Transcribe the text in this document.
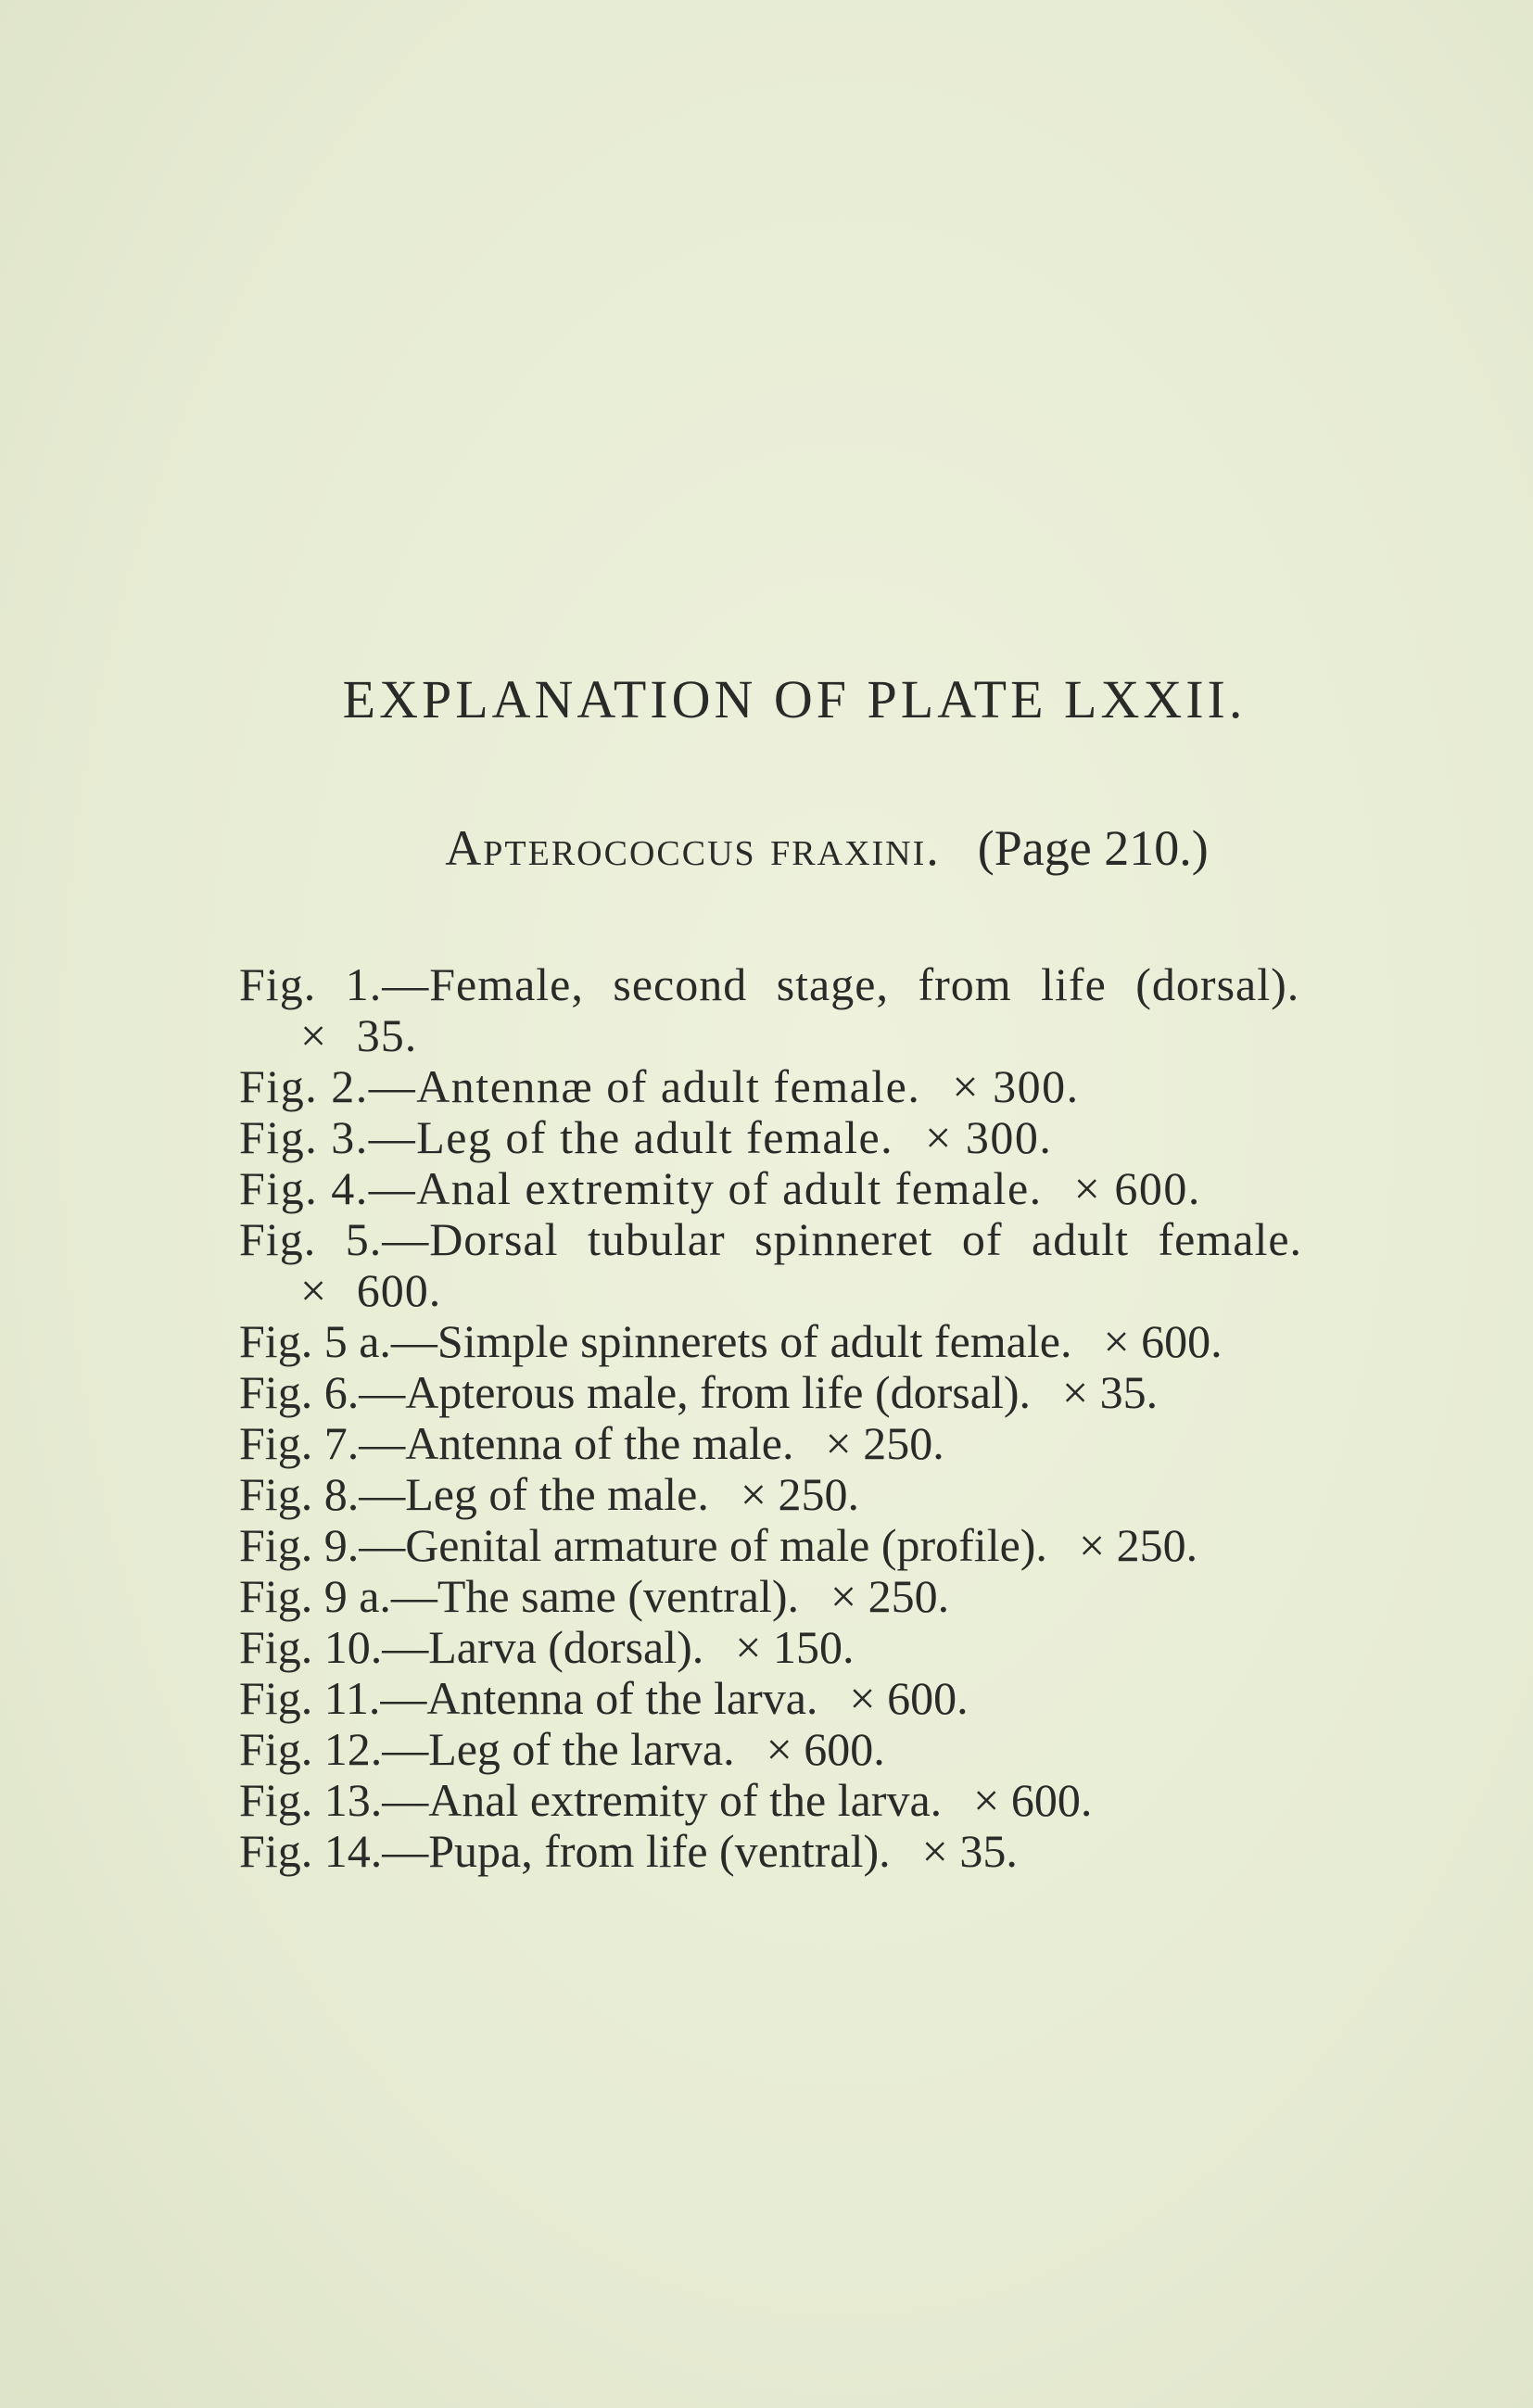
EXPLANATION OF PLATE LXXII.
Apterococcus fraxini. (Page 210.)
Fig. 1.—Female, second stage, from life (dorsal).
× 35.
Fig. 2.—Antennæ of adult female. × 300.
Fig. 3.—Leg of the adult female. × 300.
Fig. 4.—Anal extremity of adult female. × 600.
Fig. 5.—Dorsal tubular spinneret of adult female.
× 600.
Fig. 5 a.—Simple spinnerets of adult female. × 600.
Fig. 6.—Apterous male, from life (dorsal). × 35.
Fig. 7.—Antenna of the male. × 250.
Fig. 8.—Leg of the male. × 250.
Fig. 9.—Genital armature of male (profile). × 250.
Fig. 9 a.—The same (ventral). × 250.
Fig. 10.—Larva (dorsal). × 150.
Fig. 11.—Antenna of the larva. × 600.
Fig. 12.—Leg of the larva. × 600.
Fig. 13.—Anal extremity of the larva. × 600.
Fig. 14.—Pupa, from life (ventral). × 35.
